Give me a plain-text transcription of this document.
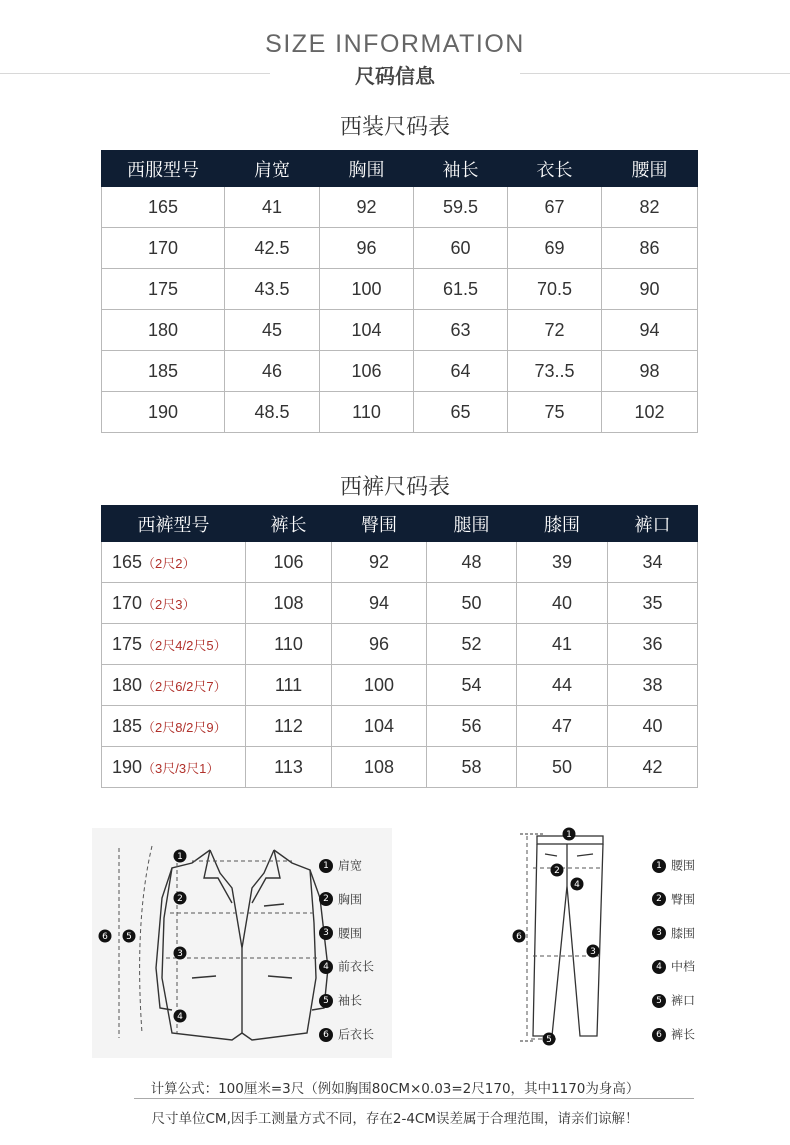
SIZE INFORMATION
尺码信息
西装尺码表
西服型号	肩宽	胸围	袖长	衣长	腰围
165	41	92	59.5	67	82
170	42.5	96	60	69	86
175	43.5	100	61.5	70.5	90
180	45	104	63	72	94
185	46	106	64	73..5	98
190	48.5	110	65	75	102
西裤尺码表
西裤型号	裤长	臀围	腿围	膝围	裤口
165（2尺2）	106	92	48	39	34
170（2尺3）	108	94	50	40	35
175（2尺4/2尺5）	110	96	52	41	36
180（2尺6/2尺7）	111	100	54	44	38
185（2尺8/2尺9）	112	104	56	47	40
190（3尺/3尺1）	113	108	58	50	42
1
2
3
4
5
6
1 肩宽
2 胸围
3 腰围
4 前衣长
5 袖长
6 后衣长
1
2
3
4
5
6
1 腰围
2 臀围
3 膝围
4 中档
5 裤口
6 裤长
计算公式：100厘米=3尺（例如胸围80CM×0.03=2尺170，其中1170为身高）
尺寸单位CM,因手工测量方式不同，存在2-4CM误差属于合理范围，请亲们谅解！
